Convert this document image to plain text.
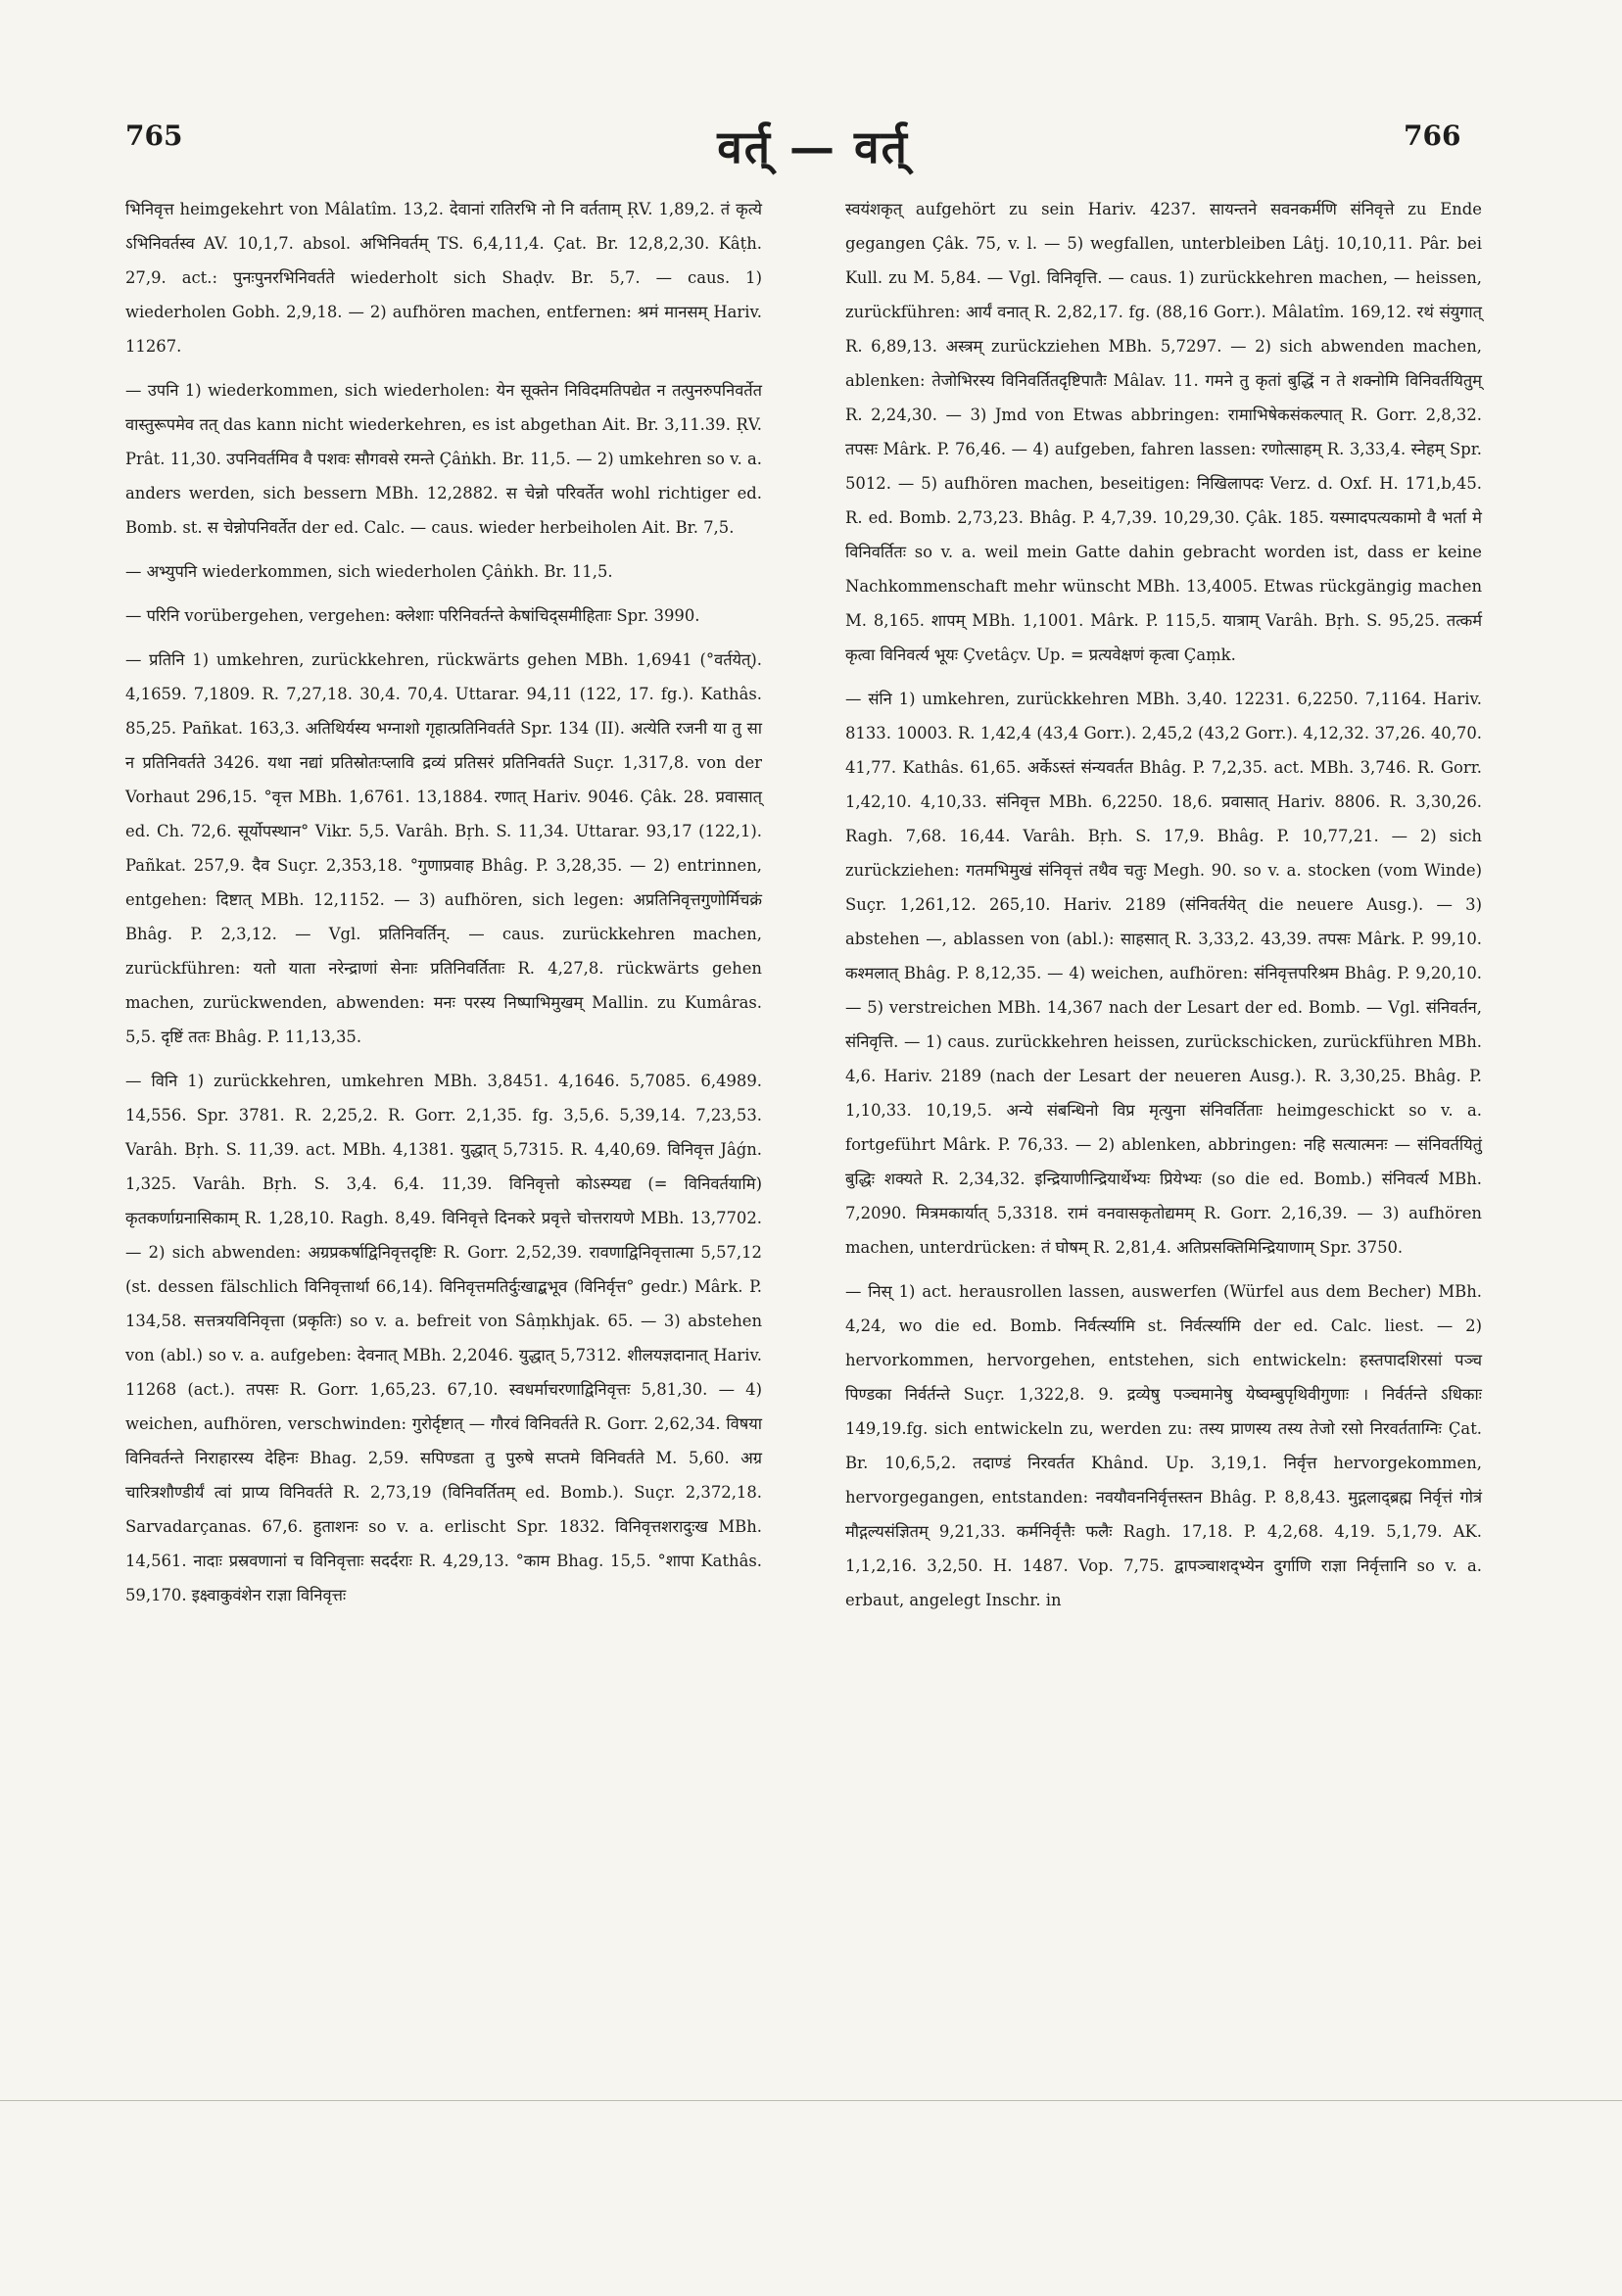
765	वर्त् — वर्त्	766

भिनिवृत्त heimgekehrt von Mâlatîm. 13,2. देवानां रातिरभि नो नि वर्तताम् ṚV. 1,89,2. तं कृत्ये ऽभिनिवर्तस्व AV. 10,1,7. absol. अभिनिवर्तम् TS. 6,4,11,4. Çat. Br. 12,8,2,30. Kâṭh. 27,9. act.: पुनःपुनरभिनिवर्तते wiederholt sich Shaḍv. Br. 5,7. — caus. 1) wiederholen Gobh. 2,9,18. — 2) aufhören machen, entfernen: श्रमं मानसम् Hariv. 11267.

— उपनि 1) wiederkommen, sich wiederholen: येन सूक्तेन निविदमतिपद्येत न तत्पुनरुपनिवर्तेत वास्तुरूपमेव तत् das kann nicht wiederkehren, es ist abgethan Ait. Br. 3,11.39. ṚV. Prât. 11,30. उपनिवर्तमिव वै पशवः सौगवसे रमन्ते Çâṅkh. Br. 11,5. — 2) umkehren so v. a. anders werden, sich bessern MBh. 12,2882. स चेन्नो परिवर्तेत wohl richtiger ed. Bomb. st. स चेन्नोपनिवर्तेत der ed. Calc. — caus. wieder herbeiholen Ait. Br. 7,5.

— अभ्युपनि wiederkommen, sich wiederholen Çâṅkh. Br. 11,5.

— परिनि vorübergehen, vergehen: क्लेशाः परिनिवर्तन्ते केषांचिद्समीहिताः Spr. 3990.

— प्रतिनि 1) umkehren, zurückkehren, rückwärts gehen MBh. 1,6941 (°वर्तयेत्). 4,1659. 7,1809. R. 7,27,18. 30,4. 70,4. Uttarar. 94,11 (122, 17. fg.). Kathâs. 85,25. Pañkat. 163,3. अतिथिर्यस्य भग्नाशो गृहात्प्रतिनिवर्तते Spr. 134 (II). अत्येति रजनी या तु सा न प्रतिनिवर्तते 3426. यथा नद्यां प्रतिस्रोतःप्लावि द्रव्यं प्रतिसरं प्रतिनिवर्तते Suçr. 1,317,8. von der Vorhaut 296,15. °वृत्त MBh. 1,6761. 13,1884. रणात् Hariv. 9046. Çâk. 28. प्रवासात् ed. Ch. 72,6. सूर्योपस्थान° Vikr. 5,5. Varâh. Bṛh. S. 11,34. Uttarar. 93,17 (122,1). Pañkat. 257,9. दैव Suçr. 2,353,18. °गुणाप्रवाह Bhâg. P. 3,28,35. — 2) entrinnen, entgehen: दिष्टात् MBh. 12,1152. — 3) aufhören, sich legen: अप्रतिनिवृत्तगुणोर्मिचक्रं Bhâg. P. 2,3,12. — Vgl. प्रतिनिवर्तिन्. — caus. zurückkehren machen, zurückführen: यतो याता नरेन्द्राणां सेनाः प्रतिनिवर्तिताः R. 4,27,8. rückwärts gehen machen, zurückwenden, abwenden: मनः परस्य निष्पाभिमुखम् Mallin. zu Kumâras. 5,5. दृष्टिं ततः Bhâg. P. 11,13,35.

— विनि 1) zurückkehren, umkehren MBh. 3,8451. 4,1646. 5,7085. 6,4989. 14,556. Spr. 3781. R. 2,25,2. R. Gorr. 2,1,35. fg. 3,5,6. 5,39,14. 7,23,53. Varâh. Bṛh. S. 11,39. act. MBh. 4,1381. युद्धात् 5,7315. R. 4,40,69. विनिवृत्त Jâǵn. 1,325. Varâh. Bṛh. S. 3,4. 6,4. 11,39. विनिवृत्तो कोऽस्म्यद्य (= विनिवर्तयामि) कृतकर्णाग्रनासिकाम् R. 1,28,10. Ragh. 8,49. विनिवृत्ते दिनकरे प्रवृत्ते चोत्तरायणे MBh. 13,7702. — 2) sich abwenden: अग्रप्रकर्षाद्विनिवृत्तदृष्टिः R. Gorr. 2,52,39. रावणाद्विनिवृत्तात्मा 5,57,12 (st. dessen fälschlich विनिवृत्तार्था 66,14). विनिवृत्तमतिर्दुःखाद्बभूव (विनिर्वृत्त° gedr.) Mârk. P. 134,58. सत्तत्रयविनिवृत्ता (प्रकृतिः) so v. a. befreit von Sâṃkhjak. 65. — 3) abstehen von (abl.) so v. a. aufgeben: देवनात् MBh. 2,2046. युद्धात् 5,7312. शीलयज्ञदानात् Hariv. 11268 (act.). तपसः R. Gorr. 1,65,23. 67,10. स्वधर्माचरणाद्विनिवृत्तः 5,81,30. — 4) weichen, aufhören, verschwinden: गुरोर्दृष्टात् — गौरवं विनिवर्तते R. Gorr. 2,62,34. विषया विनिवर्तन्ते निराहारस्य देहिनः Bhag. 2,59. सपिण्डता तु पुरुषे सप्तमे विनिवर्तते M. 5,60. अग्र चारित्रशौण्डीर्यं त्वां प्राप्य विनिवर्तते R. 2,73,19 (विनिवर्तितम् ed. Bomb.). Suçr. 2,372,18. Sarvadarçanas. 67,6. हुताशनः so v. a. erlischt Spr. 1832. विनिवृत्तशरादुःख MBh. 14,561. नादाः प्रस्रवणानां च विनिवृत्ताः सदर्दराः R. 4,29,13. °काम Bhag. 15,5. °शापा Kathâs. 59,170. इक्ष्वाकुवंशेन राज्ञा विनिवृत्तः

स्वयंशकृत् aufgehört zu sein Hariv. 4237. सायन्तने सवनकर्मणि संनिवृत्ते zu Ende gegangen Çâk. 75, v. l. — 5) wegfallen, unterbleiben Lâṭj. 10,10,11. Pâr. bei Kull. zu M. 5,84. — Vgl. विनिवृत्ति. — caus. 1) zurückkehren machen, — heissen, zurückführen: आर्यं वनात् R. 2,82,17. fg. (88,16 Gorr.). Mâlatîm. 169,12. रथं संयुगात् R. 6,89,13. अस्त्रम् zurückziehen MBh. 5,7297. — 2) sich abwenden machen, ablenken: तेजोभिरस्य विनिवर्तितदृष्टिपातैः Mâlav. 11. गमने तु कृतां बुद्धिं न ते शक्नोमि विनिवर्तयितुम् R. 2,24,30. — 3) Jmd von Etwas abbringen: रामाभिषेकसंकल्पात् R. Gorr. 2,8,32. तपसः Mârk. P. 76,46. — 4) aufgeben, fahren lassen: रणोत्साहम् R. 3,33,4. स्नेहम् Spr. 5012. — 5) aufhören machen, beseitigen: निखिलापदः Verz. d. Oxf. H. 171,b,45. R. ed. Bomb. 2,73,23. Bhâg. P. 4,7,39. 10,29,30. Çâk. 185. यस्मादपत्यकामो वै भर्ता मे विनिवर्तितः so v. a. weil mein Gatte dahin gebracht worden ist, dass er keine Nachkommenschaft mehr wünscht MBh. 13,4005. Etwas rückgängig machen M. 8,165. शापम् MBh. 1,1001. Mârk. P. 115,5. यात्राम् Varâh. Bṛh. S. 95,25. तत्कर्म कृत्वा विनिवर्त्य भूयः Çvetâçv. Up. = प्रत्यवेक्षणं कृत्वा Çaṃk.

— संनि 1) umkehren, zurückkehren MBh. 3,40. 12231. 6,2250. 7,1164. Hariv. 8133. 10003. R. 1,42,4 (43,4 Gorr.). 2,45,2 (43,2 Gorr.). 4,12,32. 37,26. 40,70. 41,77. Kathâs. 61,65. अर्केऽस्तं संन्यवर्तत Bhâg. P. 7,2,35. act. MBh. 3,746. R. Gorr. 1,42,10. 4,10,33. संनिवृत्त MBh. 6,2250. 18,6. प्रवासात् Hariv. 8806. R. 3,30,26. Ragh. 7,68. 16,44. Varâh. Bṛh. S. 17,9. Bhâg. P. 10,77,21. — 2) sich zurückziehen: गतमभिमुखं संनिवृत्तं तथैव चतुः Megh. 90. so v. a. stocken (vom Winde) Suçr. 1,261,12. 265,10. Hariv. 2189 (संनिवर्तयेत् die neuere Ausg.). — 3) abstehen —, ablassen von (abl.): साहसात् R. 3,33,2. 43,39. तपसः Mârk. P. 99,10. कश्मलात् Bhâg. P. 8,12,35. — 4) weichen, aufhören: संनिवृत्तपरिश्रम Bhâg. P. 9,20,10. — 5) verstreichen MBh. 14,367 nach der Lesart der ed. Bomb. — Vgl. संनिवर्तन, संनिवृत्ति. — 1) caus. zurückkehren heissen, zurückschicken, zurückführen MBh. 4,6. Hariv. 2189 (nach der Lesart der neueren Ausg.). R. 3,30,25. Bhâg. P. 1,10,33. 10,19,5. अन्ये संबन्धिनो विप्र मृत्युना संनिवर्तिताः heimgeschickt so v. a. fortgeführt Mârk. P. 76,33. — 2) ablenken, abbringen: नहि सत्यात्मनः — संनिवर्तयितुं बुद्धिः शक्यते R. 2,34,32. इन्द्रियाणीन्द्रियार्थेभ्यः प्रियेभ्यः (so die ed. Bomb.) संनिवर्त्य MBh. 7,2090. मित्रमकार्यात् 5,3318. रामं वनवासकृतोद्यमम् R. Gorr. 2,16,39. — 3) aufhören machen, unterdrücken: तं घोषम् R. 2,81,4. अतिप्रसक्तिमिन्द्रियाणाम् Spr. 3750.

— निस् 1) act. herausrollen lassen, auswerfen (Würfel aus dem Becher) MBh. 4,24, wo die ed. Bomb. निर्वर्त्स्यामि st. निर्वर्त्स्यामि der ed. Calc. liest. — 2) hervorkommen, hervorgehen, entstehen, sich entwickeln: हस्तपादशिरसां पञ्च पिण्डका निर्वर्तन्ते Suçr. 1,322,8. 9. द्रव्येषु पञ्चमानेषु येष्वम्बुपृथिवीगुणाः । निर्वर्तन्ते ऽधिकाः 149,19.fg. sich entwickeln zu, werden zu: तस्य प्राणस्य तस्य तेजो रसो निरवर्तताग्निः Çat. Br. 10,6,5,2. तदाण्डं निरवर्तत Khând. Up. 3,19,1. निर्वृत्त hervorgekommen, hervorgegangen, entstanden: नवयौवननिर्वृत्तस्तन Bhâg. P. 8,8,43. मुद्गलाद्ब्रह्म निर्वृत्तं गोत्रं मौद्गल्यसंज्ञितम् 9,21,33. कर्मनिर्वृत्तैः फलैः Ragh. 17,18. P. 4,2,68. 4,19. 5,1,79. AK. 1,1,2,16. 3,2,50. H. 1487. Vop. 7,75. द्वापञ्चाशद्भ्येन दुर्गाणि राज्ञा निर्वृत्तानि so v. a. erbaut, angelegt Inschr. in
